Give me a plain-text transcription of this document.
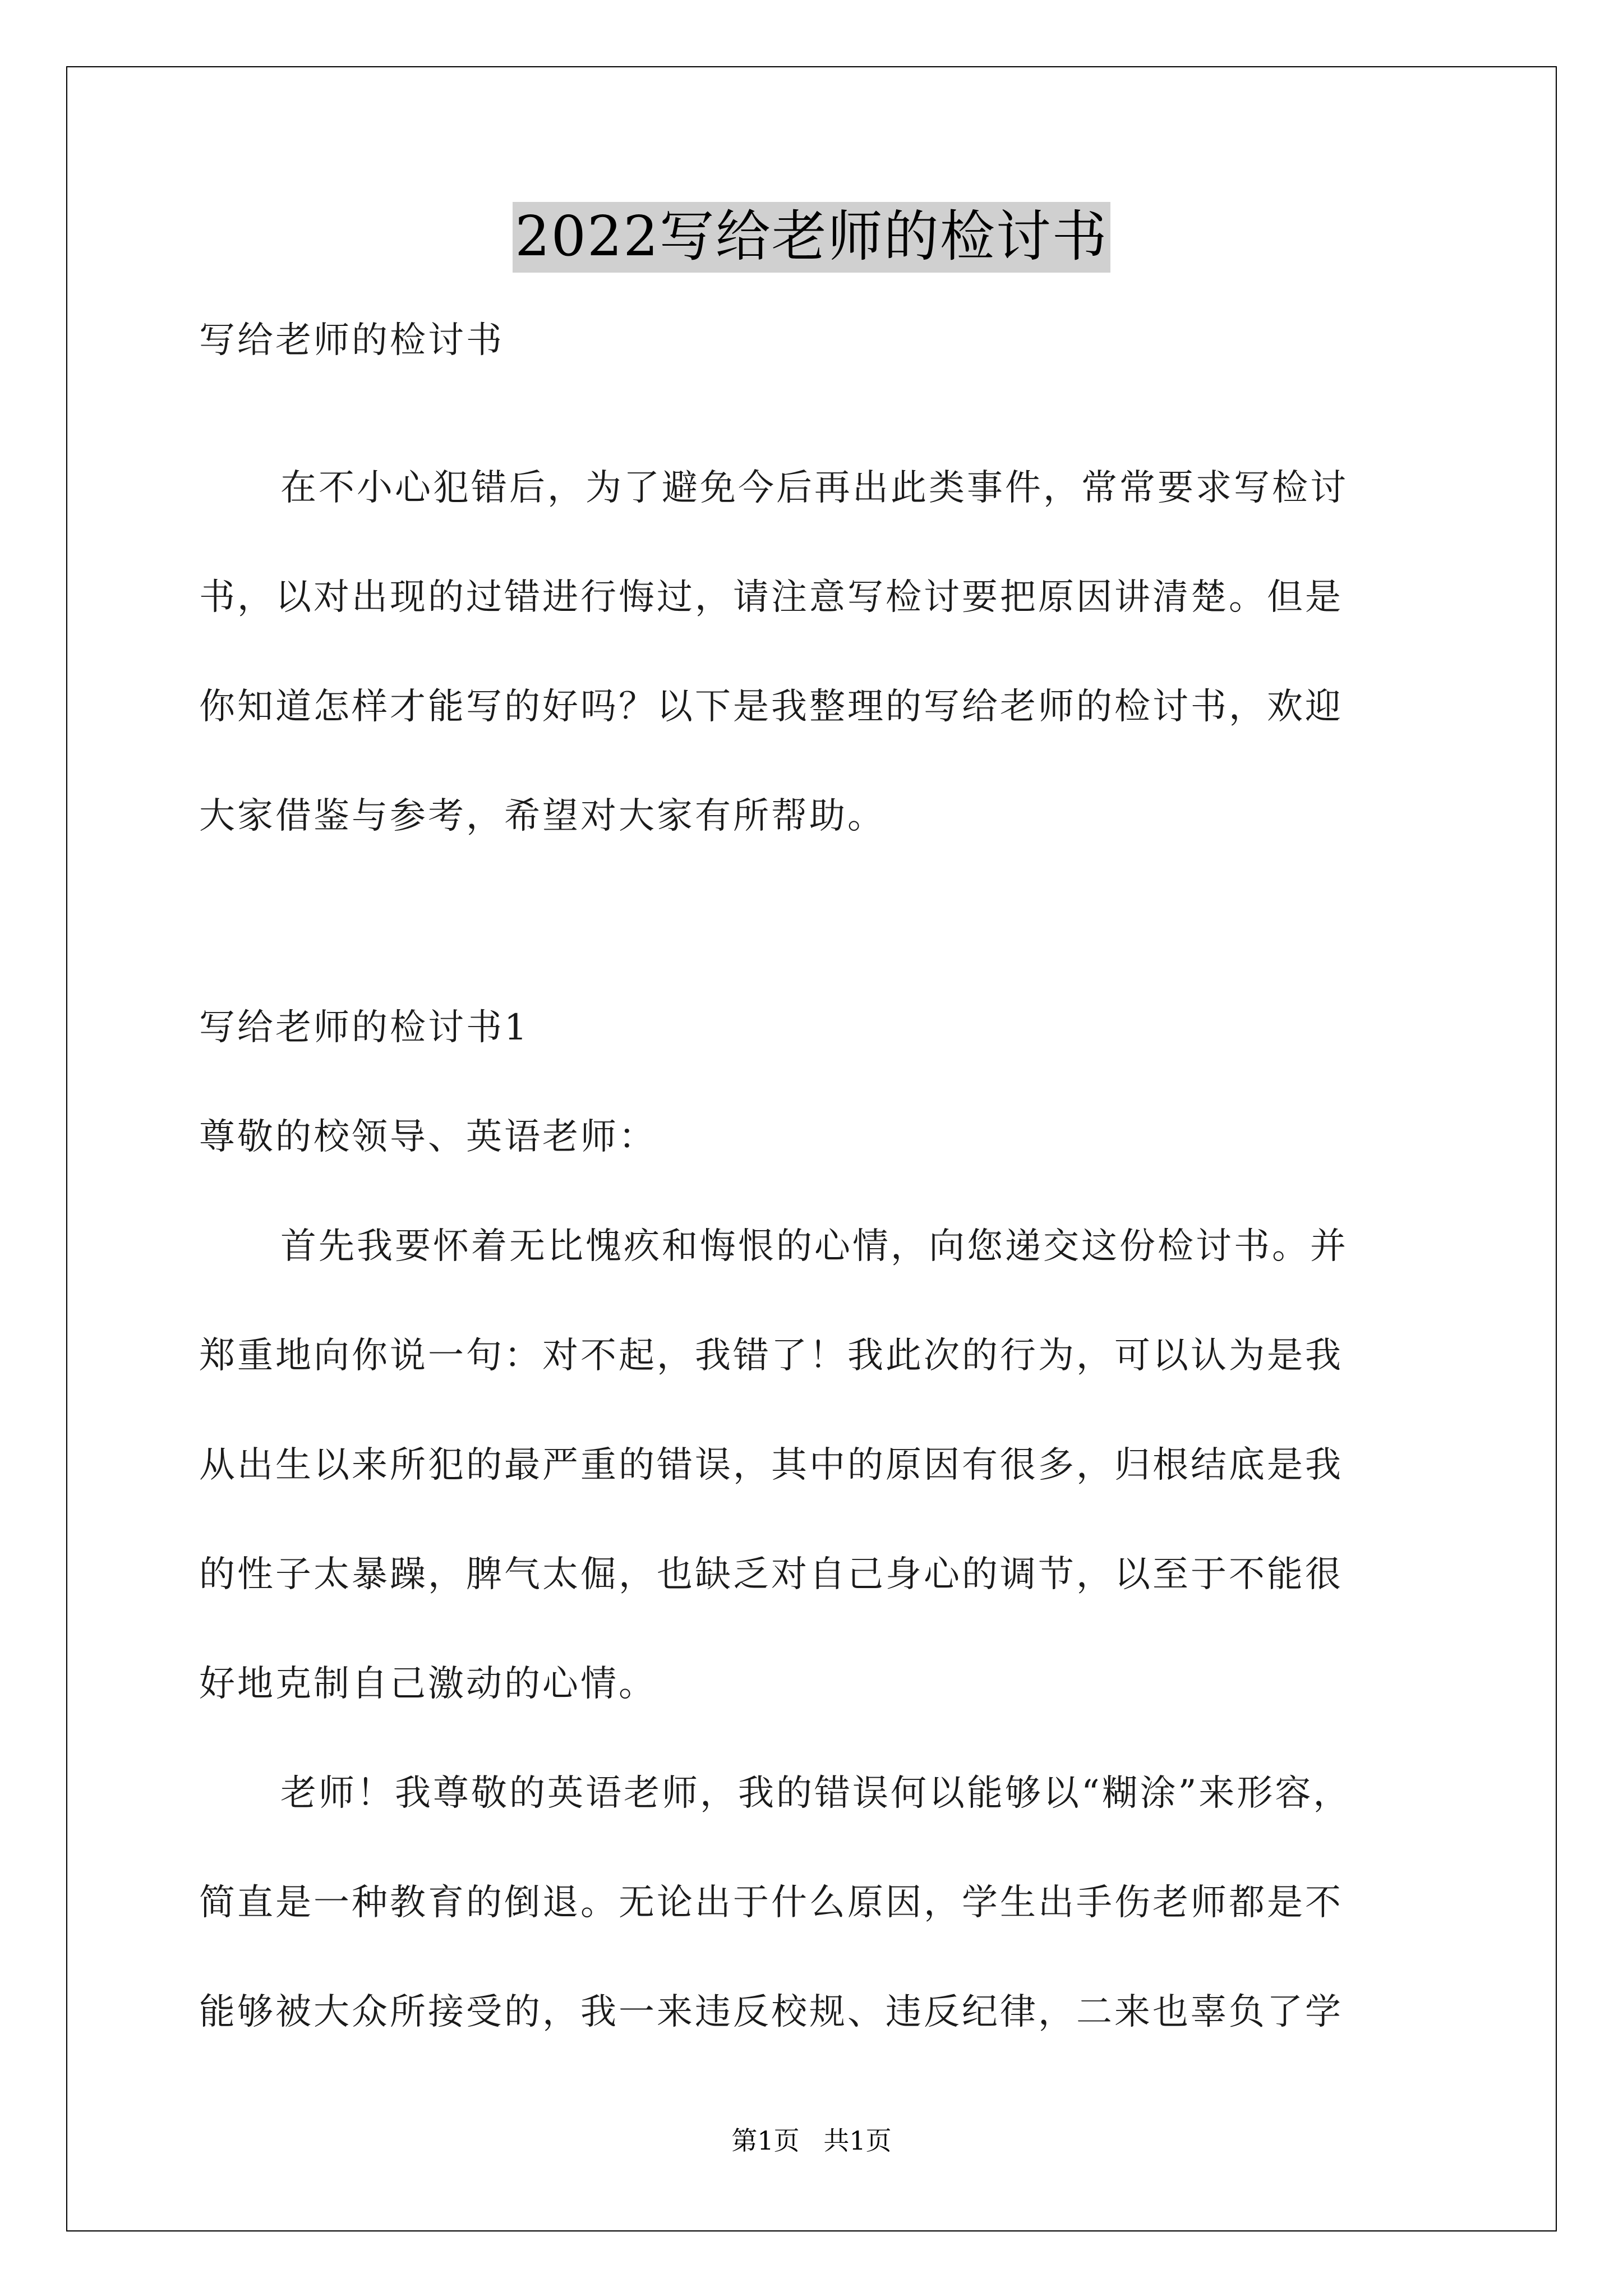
2022写给老师的检讨书
写给老师的检讨书
在不小心犯错后，为了避免今后再出此类事件，常常要求写检讨
书，以对出现的过错进行悔过，请注意写检讨要把原因讲清楚。但是
你知道怎样才能写的好吗？以下是我整理的写给老师的检讨书，欢迎
大家借鉴与参考，希望对大家有所帮助。
写给老师的检讨书1
尊敬的校领导、英语老师：
首先我要怀着无比愧疚和悔恨的心情，向您递交这份检讨书。并
郑重地向你说一句：对不起，我错了！我此次的行为，可以认为是我
从出生以来所犯的最严重的错误，其中的原因有很多，归根结底是我
的性子太暴躁，脾气太倔，也缺乏对自己身心的调节，以至于不能很
好地克制自己激动的心情。
老师！我尊敬的英语老师，我的错误何以能够以“糊涂”来形容，
简直是一种教育的倒退。无论出于什么原因，学生出手伤老师都是不
能够被大众所接受的，我一来违反校规、违反纪律，二来也辜负了学
第1页 共1页
